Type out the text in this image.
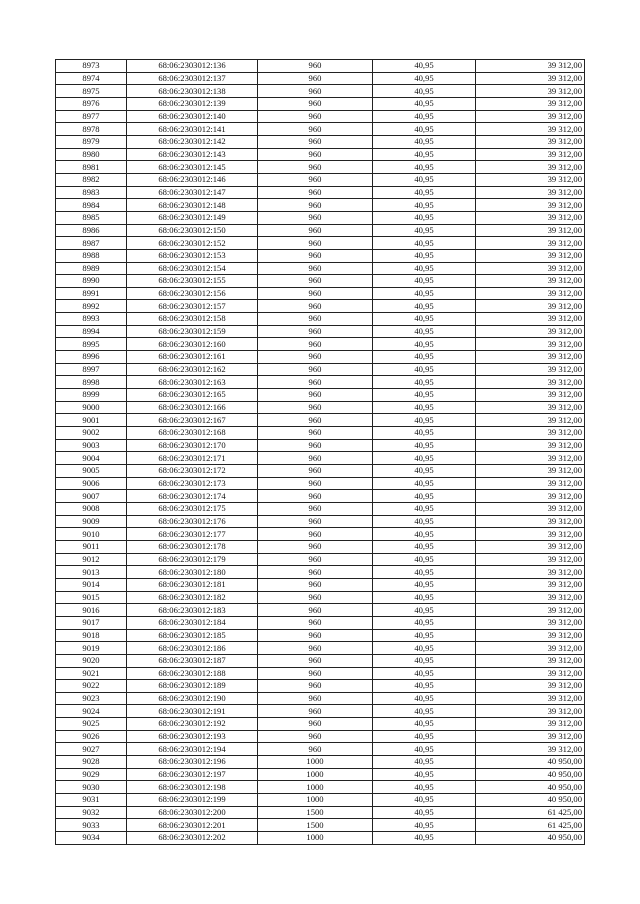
8973	68:06:2303012:136	960	40,95	39 312,00
8974	68:06:2303012:137	960	40,95	39 312,00
8975	68:06:2303012:138	960	40,95	39 312,00
8976	68:06:2303012:139	960	40,95	39 312,00
8977	68:06:2303012:140	960	40,95	39 312,00
8978	68:06:2303012:141	960	40,95	39 312,00
8979	68:06:2303012:142	960	40,95	39 312,00
8980	68:06:2303012:143	960	40,95	39 312,00
8981	68:06:2303012:145	960	40,95	39 312,00
8982	68:06:2303012:146	960	40,95	39 312,00
8983	68:06:2303012:147	960	40,95	39 312,00
8984	68:06:2303012:148	960	40,95	39 312,00
8985	68:06:2303012:149	960	40,95	39 312,00
8986	68:06:2303012:150	960	40,95	39 312,00
8987	68:06:2303012:152	960	40,95	39 312,00
8988	68:06:2303012:153	960	40,95	39 312,00
8989	68:06:2303012:154	960	40,95	39 312,00
8990	68:06:2303012:155	960	40,95	39 312,00
8991	68:06:2303012:156	960	40,95	39 312,00
8992	68:06:2303012:157	960	40,95	39 312,00
8993	68:06:2303012:158	960	40,95	39 312,00
8994	68:06:2303012:159	960	40,95	39 312,00
8995	68:06:2303012:160	960	40,95	39 312,00
8996	68:06:2303012:161	960	40,95	39 312,00
8997	68:06:2303012:162	960	40,95	39 312,00
8998	68:06:2303012:163	960	40,95	39 312,00
8999	68:06:2303012:165	960	40,95	39 312,00
9000	68:06:2303012:166	960	40,95	39 312,00
9001	68:06:2303012:167	960	40,95	39 312,00
9002	68:06:2303012:168	960	40,95	39 312,00
9003	68:06:2303012:170	960	40,95	39 312,00
9004	68:06:2303012:171	960	40,95	39 312,00
9005	68:06:2303012:172	960	40,95	39 312,00
9006	68:06:2303012:173	960	40,95	39 312,00
9007	68:06:2303012:174	960	40,95	39 312,00
9008	68:06:2303012:175	960	40,95	39 312,00
9009	68:06:2303012:176	960	40,95	39 312,00
9010	68:06:2303012:177	960	40,95	39 312,00
9011	68:06:2303012:178	960	40,95	39 312,00
9012	68:06:2303012:179	960	40,95	39 312,00
9013	68:06:2303012:180	960	40,95	39 312,00
9014	68:06:2303012:181	960	40,95	39 312,00
9015	68:06:2303012:182	960	40,95	39 312,00
9016	68:06:2303012:183	960	40,95	39 312,00
9017	68:06:2303012:184	960	40,95	39 312,00
9018	68:06:2303012:185	960	40,95	39 312,00
9019	68:06:2303012:186	960	40,95	39 312,00
9020	68:06:2303012:187	960	40,95	39 312,00
9021	68:06:2303012:188	960	40,95	39 312,00
9022	68:06:2303012:189	960	40,95	39 312,00
9023	68:06:2303012:190	960	40,95	39 312,00
9024	68:06:2303012:191	960	40,95	39 312,00
9025	68:06:2303012:192	960	40,95	39 312,00
9026	68:06:2303012:193	960	40,95	39 312,00
9027	68:06:2303012:194	960	40,95	39 312,00
9028	68:06:2303012:196	1000	40,95	40 950,00
9029	68:06:2303012:197	1000	40,95	40 950,00
9030	68:06:2303012:198	1000	40,95	40 950,00
9031	68:06:2303012:199	1000	40,95	40 950,00
9032	68:06:2303012:200	1500	40,95	61 425,00
9033	68:06:2303012:201	1500	40,95	61 425,00
9034	68:06:2303012:202	1000	40,95	40 950,00
